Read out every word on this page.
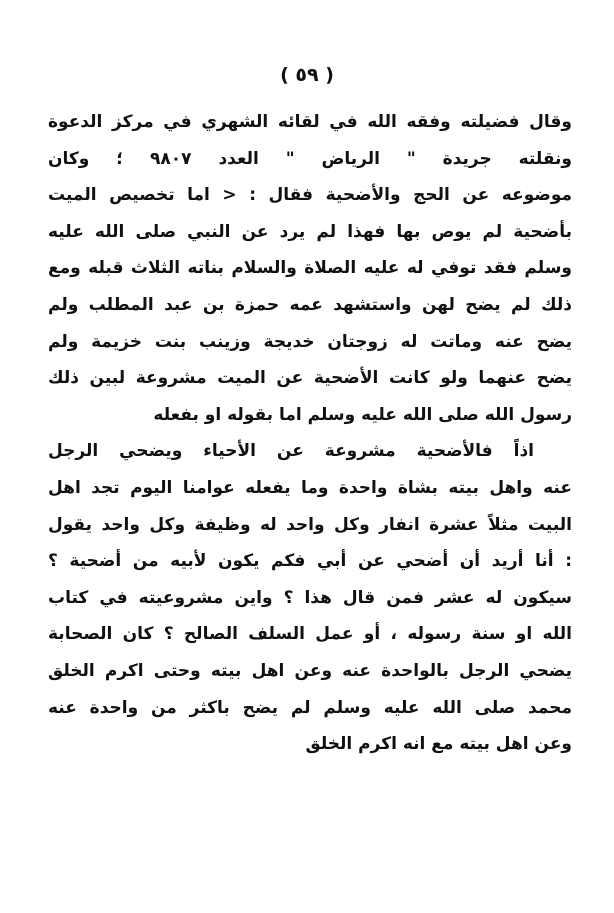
( ٥٩ )
وقال فضيلته وفقه الله في لقائه الشهري في مركز الدعوة
ونقلته جريدة " الرياض " العدد ٩٨٠٧ ؛ وكان
موضوعه عن الحج والأضحية فقال : < اما تخصيص الميت
بأضحية لم يوص بها فهذا لم يرد عن النبي صلى الله عليه
وسلم فقد توفي له عليه الصلاة والسلام بناته الثلاث قبله ومع
ذلك لم يضح لهن واستشهد عمه حمزة بن عبد المطلب ولم
يضح عنه وماتت له زوجتان خديجة وزينب بنت خزيمة ولم
يضح عنهما ولو كانت الأضحية عن الميت مشروعة لبين ذلك
رسول الله صلى الله عليه وسلم اما بقوله او بفعله
اذاً فالأضحية مشروعة عن الأحياء ويضحي الرجل
عنه واهل بيته بشاة واحدة وما يفعله عوامنا اليوم تجد اهل
البيت مثلاً عشرة انفار وكل واحد له وظيفة وكل واحد يقول
: أنا أريد أن أضحي عن أبي فكم يكون لأبيه من أضحية ؟
سيكون له عشر فمن قال هذا ؟ واين مشروعيته في كتاب
الله او سنة رسوله ، أو عمل السلف الصالح ؟ كان الصحابة
يضحي الرجل بالواحدة عنه وعن اهل بيته وحتى اكرم الخلق
محمد صلى الله عليه وسلم لم يضح باكثر من واحدة عنه
وعن اهل بيته مع انه اكرم الخلق
